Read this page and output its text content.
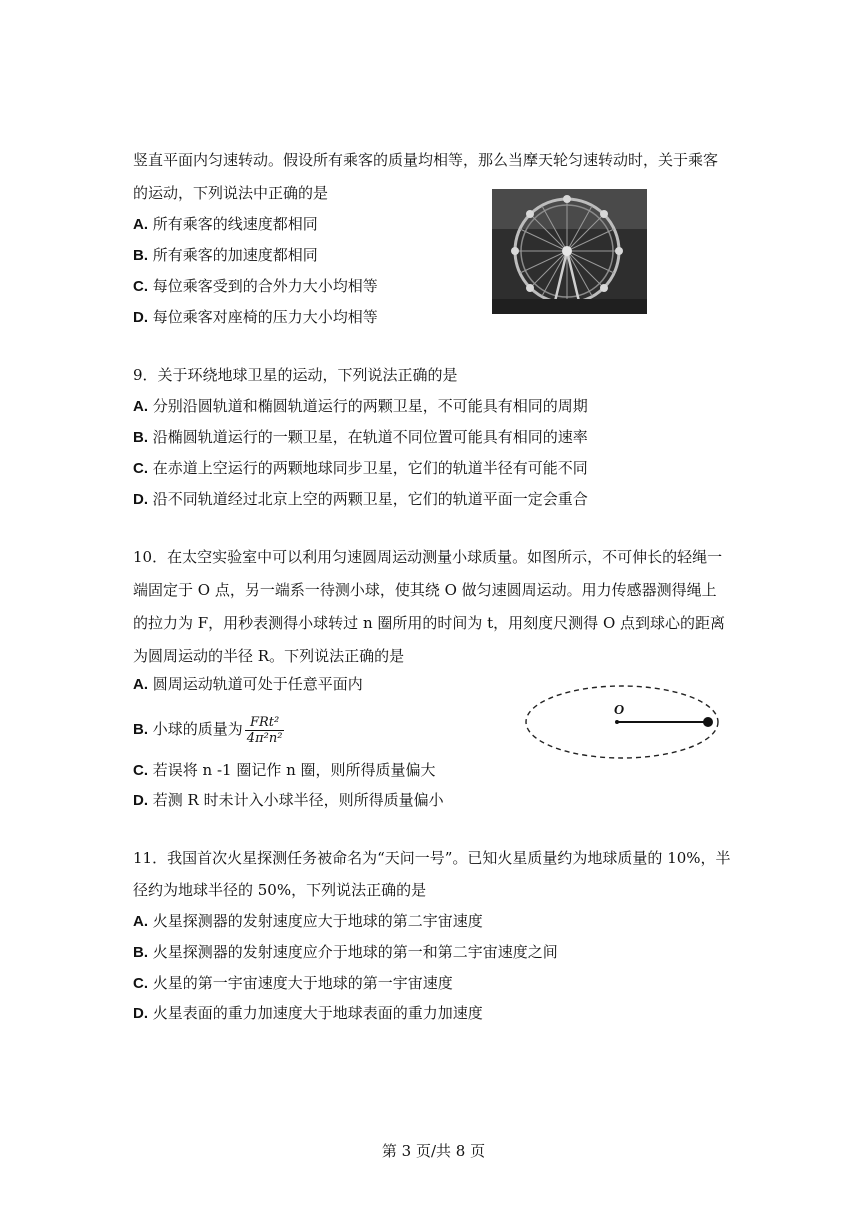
竖直平面内匀速转动。假设所有乘客的质量均相等，那么当摩天轮匀速转动时，关于乘客
的运动，下列说法中正确的是
A. 所有乘客的线速度都相同
B. 所有乘客的加速度都相同
C. 每位乘客受到的合外力大小均相等
D. 每位乘客对座椅的压力大小均相等
9．关于环绕地球卫星的运动，下列说法正确的是
A. 分别沿圆轨道和椭圆轨道运行的两颗卫星，不可能具有相同的周期
B. 沿椭圆轨道运行的一颗卫星，在轨道不同位置可能具有相同的速率
C. 在赤道上空运行的两颗地球同步卫星，它们的轨道半径有可能不同
D. 沿不同轨道经过北京上空的两颗卫星，它们的轨道平面一定会重合
10．在太空实验室中可以利用匀速圆周运动测量小球质量。如图所示，不可伸长的轻绳一
端固定于 O 点，另一端系一待测小球，使其绕 O 做匀速圆周运动。用力传感器测得绳上
的拉力为 F，用秒表测得小球转过 n 圈所用的时间为 t，用刻度尺测得 O 点到球心的距离
为圆周运动的半径 R。下列说法正确的是
A. 圆周运动轨道可处于任意平面内
B. 小球的质量为 $\frac{\text{FRt²}}{\text{4π²n²}}$
C. 若误将 n -1 圈记作 n 圈，则所得质量偏大
D. 若测 R 时未计入小球半径，则所得质量偏小
O
11．我国首次火星探测任务被命名为“天问一号”。已知火星质量约为地球质量的 10%，半
径约为地球半径的 50%，下列说法正确的是
A. 火星探测器的发射速度应大于地球的第二宇宙速度
B. 火星探测器的发射速度应介于地球的第一和第二宇宙速度之间
C. 火星的第一宇宙速度大于地球的第一宇宙速度
D. 火星表面的重力加速度大于地球表面的重力加速度
第 3 页/共 8 页
